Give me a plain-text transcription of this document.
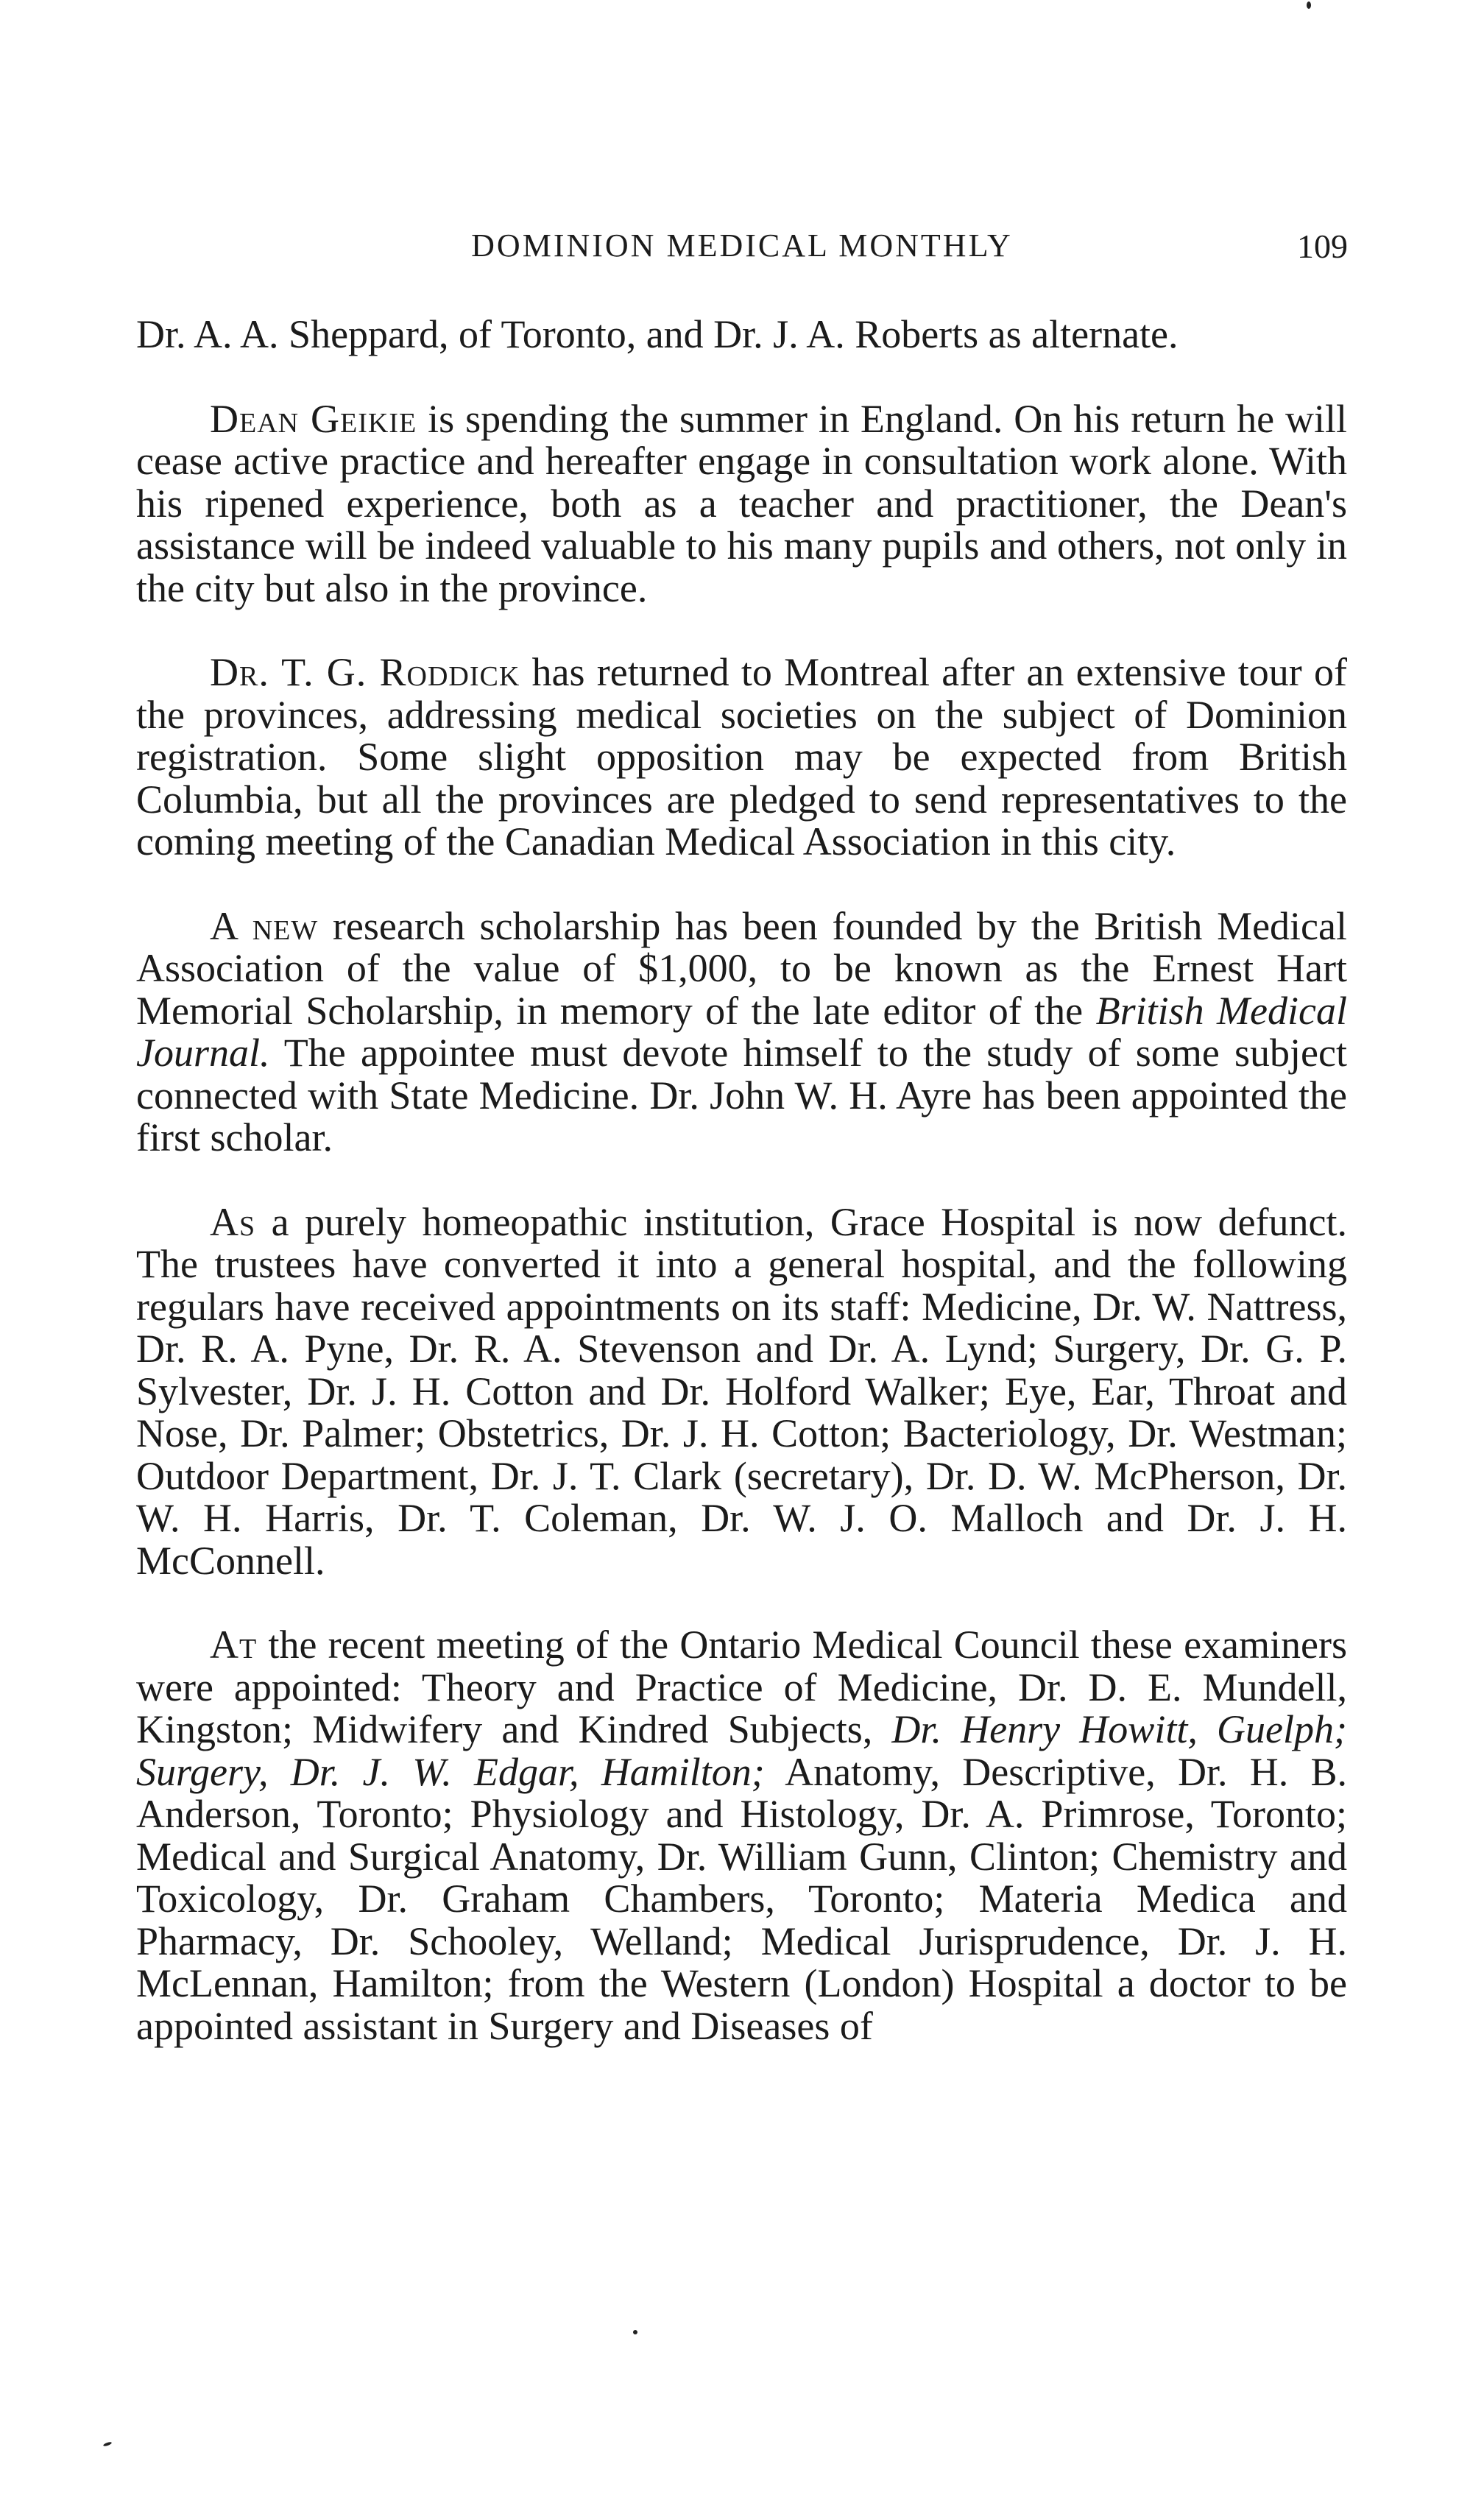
DOMINION MEDICAL MONTHLY	109

Dr. A. A. Sheppard, of Toronto, and Dr. J. A. Roberts as alternate.

Dean Geikie is spending the summer in England. On his return he will cease active practice and hereafter engage in consultation work alone. With his ripened experience, both as a teacher and practitioner, the Dean's assistance will be indeed valuable to his many pupils and others, not only in the city but also in the province.

Dr. T. G. Roddick has returned to Montreal after an extensive tour of the provinces, addressing medical societies on the subject of Dominion registration. Some slight opposition may be expected from British Columbia, but all the provinces are pledged to send representatives to the coming meeting of the Canadian Medical Association in this city.

A new research scholarship has been founded by the British Medical Association of the value of $1,000, to be known as the Ernest Hart Memorial Scholarship, in memory of the late editor of the British Medical Journal. The appointee must devote himself to the study of some subject connected with State Medicine. Dr. John W. H. Ayre has been appointed the first scholar.

As a purely homeopathic institution, Grace Hospital is now defunct. The trustees have converted it into a general hospital, and the following regulars have received appointments on its staff: Medicine, Dr. W. Nattress, Dr. R. A. Pyne, Dr. R. A. Stevenson and Dr. A. Lynd; Surgery, Dr. G. P. Sylvester, Dr. J. H. Cotton and Dr. Holford Walker; Eye, Ear, Throat and Nose, Dr. Palmer; Obstetrics, Dr. J. H. Cotton; Bacteriology, Dr. Westman; Outdoor Department, Dr. J. T. Clark (secretary), Dr. D. W. McPherson, Dr. W. H. Harris, Dr. T. Coleman, Dr. W. J. O. Malloch and Dr. J. H. McConnell.

At the recent meeting of the Ontario Medical Council these examiners were appointed: Theory and Practice of Medicine, Dr. D. E. Mundell, Kingston; Midwifery and Kindred Subjects, Dr. Henry Howitt, Guelph; Surgery, Dr. J. W. Edgar, Hamilton; Anatomy, Descriptive, Dr. H. B. Anderson, Toronto; Physiology and Histology, Dr. A. Primrose, Toronto; Medical and Surgical Anatomy, Dr. William Gunn, Clinton; Chemistry and Toxicology, Dr. Graham Chambers, Toronto; Materia Medica and Pharmacy, Dr. Schooley, Welland; Medical Jurisprudence, Dr. J. H. McLennan, Hamilton; from the Western (London) Hospital a doctor to be appointed assistant in Surgery and Diseases of
